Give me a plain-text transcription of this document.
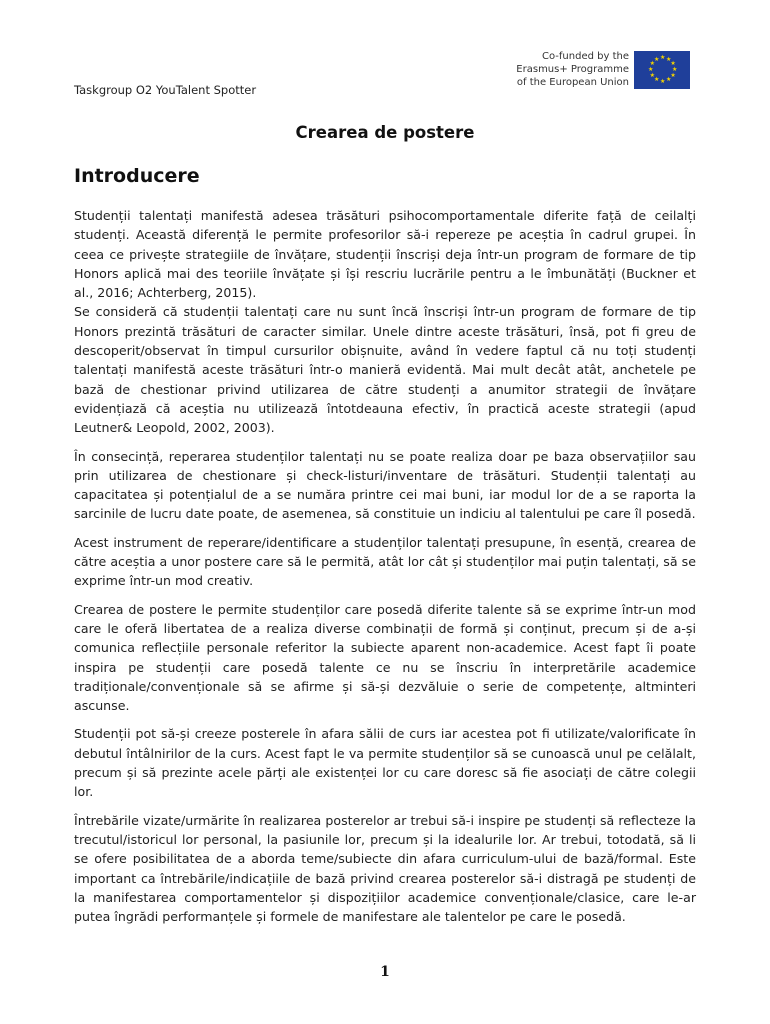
Taskgroup O2 YouTalent Spotter
Co-funded by the
Erasmus+ Programme
of the European Union
★ ★
★
★
★
★
★
★
★
★
★
★
Crearea de postere
Introducere

Studenții talentați manifestă adesea trăsături psihocomportamentale diferite față de ceilalți studenți. Această diferență le permite profesorilor să-i repereze pe aceștia în cadrul grupei. În ceea ce privește strategiile de învățare, studenții înscriși deja într-un program de formare de tip Honors aplică mai des teoriile învățate și își rescriu lucrările pentru a le îmbunătăți (Buckner et al., 2016; Achterberg, 2015).

Se consideră că studenții talentați care nu sunt încă înscriși într-un program de formare de tip Honors prezintă trăsături de caracter similar. Unele dintre aceste trăsături, însă, pot fi greu de descoperit/observat în timpul cursurilor obișnuite, având în vedere faptul că nu toți studenți talentați manifestă aceste trăsături într-o manieră evidentă. Mai mult decât atât, anchetele pe bază de chestionar privind utilizarea de către studenți a anumitor strategii de învățare evidențiază că aceștia nu utilizează întotdeauna efectiv, în practică aceste strategii (apud Leutner& Leopold, 2002, 2003).

În consecință, reperarea studenților talentați nu se poate realiza doar pe baza observațiilor sau prin utilizarea de chestionare și check-listuri/inventare de trăsături. Studenții talentați au capacitatea și potențialul de a se număra printre cei mai buni, iar modul lor de a se raporta la sarcinile de lucru date poate, de asemenea, să constituie un indiciu al talentului pe care îl posedă.

Acest instrument de reperare/identificare a studenților talentați presupune, în esență, crearea de către aceștia a unor postere care să le permită, atât lor cât și studenților mai puțin talentați, să se exprime într-un mod creativ.

Crearea de postere le permite studenților care posedă diferite talente să se exprime într-un mod care le oferă libertatea de a realiza diverse combinații de formă și conținut, precum și de a-și comunica reflecțiile personale referitor la subiecte aparent non-academice. Acest fapt îi poate inspira pe studenții care posedă talente ce nu se înscriu în interpretările academice tradiționale/convenționale să se afirme și să-și dezvăluie o serie de competențe, altminteri ascunse.

Studenții pot să-și creeze posterele în afara sălii de curs iar acestea pot fi utilizate/valorificate în debutul întâlnirilor de la curs. Acest fapt le va permite studenților să se cunoască unul pe celălalt, precum și să prezinte acele părți ale existenței lor cu care doresc să fie asociați de către colegii lor.

Întrebările vizate/urmărite în realizarea posterelor ar trebui să-i inspire pe studenți să reflecteze la trecutul/istoricul lor personal, la pasiunile lor, precum și la idealurile lor. Ar trebui, totodată, să li se ofere posibilitatea de a aborda teme/subiecte din afara curriculum-ului de bază/formal. Este important ca întrebările/indicațiile de bază privind crearea posterelor să-i distragă pe studenți de la manifestarea comportamentelor și dispozițiilor academice convenționale/clasice, care le-ar putea îngrădi performanțele și formele de manifestare ale talentelor pe care le posedă.

1
